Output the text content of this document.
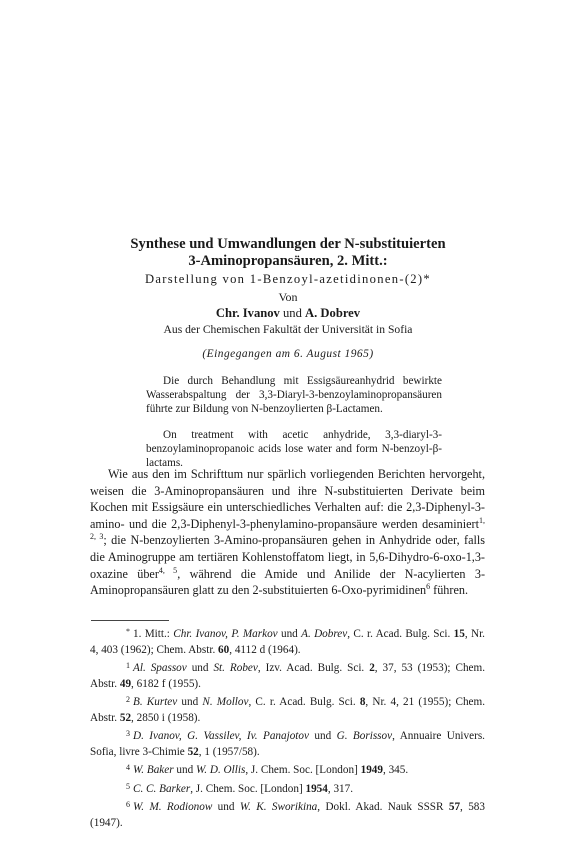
Synthese und Umwandlungen der N-substituierten
3-Aminopropansäuren, 2. Mitt.:
Darstellung von 1-Benzoyl-azetidinonen-(2)*
Von
Chr. Ivanov und A. Dobrev
Aus der Chemischen Fakultät der Universität in Sofia
(Eingegangen am 6. August 1965)

Die durch Behandlung mit Essigsäureanhydrid bewirkte Wasserabspaltung der 3,3-Diaryl-3-benzoylaminopropansäuren führte zur Bildung von N-benzoylierten β-Lactamen.

On treatment with acetic anhydride, 3,3-diaryl-3-benzoylaminopropanoic acids lose water and form N-benzoyl-β-lactams.

Wie aus den im Schrifttum nur spärlich vorliegenden Berichten hervorgeht, weisen die 3-Aminopropansäuren und ihre N-substituierten Derivate beim Kochen mit Essigsäure ein unterschiedliches Verhalten auf: die 2,3-Diphenyl-3-amino- und die 2,3-Diphenyl-3-phenylamino-propansäure werden desaminiert$^{1, 2, 3}$; die N-benzoylierten 3-Amino-propansäuren gehen in Anhydride oder, falls die Aminogruppe am tertiären Kohlenstoffatom liegt, in 5,6-Dihydro-6-oxo-1,3-oxazine über$^{4, 5}$, während die Amide und Anilide der N-acylierten 3-Aminopropansäuren glatt zu den 2-substituierten 6-Oxo-pyrimidinen$^6$ führen.

* 1. Mitt.: Chr. Ivanov, P. Markov und A. Dobrev, C. r. Acad. Bulg. Sci. 15, Nr. 4, 403 (1962); Chem. Abstr. 60, 4112 d (1964).

1 Al. Spassov und St. Robev, Izv. Acad. Bulg. Sci. 2, 37, 53 (1953); Chem. Abstr. 49, 6182 f (1955).

2 B. Kurtev und N. Mollov, C. r. Acad. Bulg. Sci. 8, Nr. 4, 21 (1955); Chem. Abstr. 52, 2850 i (1958).

3 D. Ivanov, G. Vassilev, Iv. Panajotov und G. Borissov, Annuaire Univers. Sofia, livre 3-Chimie 52, 1 (1957/58).

4 W. Baker und W. D. Ollis, J. Chem. Soc. [London] 1949, 345.

5 C. C. Barker, J. Chem. Soc. [London] 1954, 317.

6 W. M. Rodionow und W. K. Sworikina, Dokl. Akad. Nauk SSSR 57, 583 (1947).
